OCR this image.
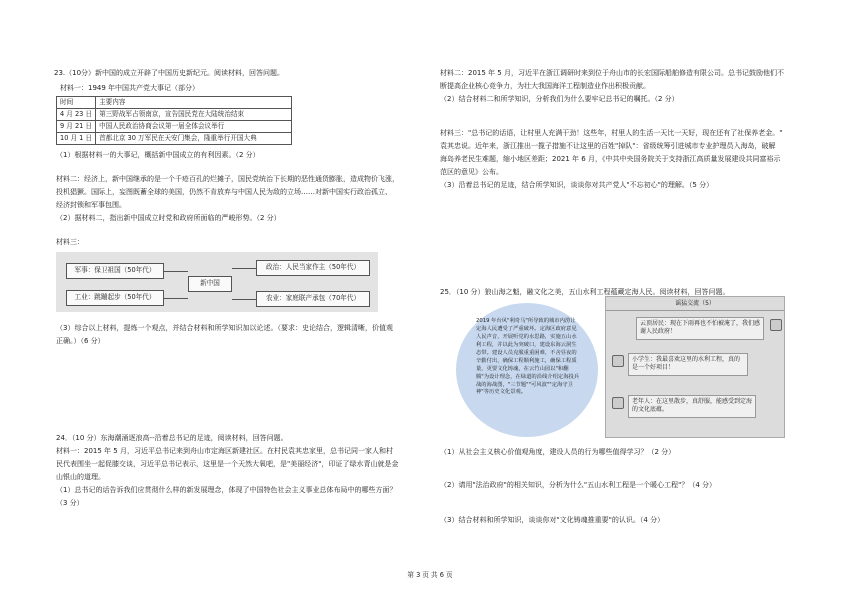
23.（10分）新中国的成立开辟了中国历史新纪元。阅读材料，回答问题。
材料一：1949 年中国共产党大事记（部分）
时间	主要内容
4 月 23 日	第三野战军占领南京，宣告国民党在大陆统治结束
9 月 21 日	中国人民政治协商会议第一届全体会议举行
10 月 1 日	首都北京 30 万军民在天安门集会，隆重举行开国大典
（1）根据材料一的大事记，概括新中国成立的有利因素。（2 分）
材料二：经济上，新中国继承的是一个千疮百孔的烂摊子，国民党统治下长期的恶性通货膨胀，造成物价飞涨，
投机猖獗。国际上，妄图既蓄全球的美国，仍然不肯放弃与中国人民为敌的立场……对新中国实行政治孤立、
经济封锁和军事包围。
（2）据材料二，指出新中国成立时党和政府所面临的严峻形势。（2 分）
材料三：
军事：保卫祖国（50年代）
工业：跳蹦起步（50年代）
新中国
政治：人民当家作主（50年代）
农业：家庭联产承包（70年代）
（3）综合以上材料，提炼一个观点，并结合材料和所学知识加以论述。（要求：史论结合，逻辑清晰，价值观
正确。）（6 分）
24．（10 分）东海潮涌逐浪高--沿着总书记的足迹，阅读材料，回答问题。
材料一：2015 年 5 月，习近平总书记来到舟山市定海区新建社区。在村民袁其忠家里，总书记同一家人和村
民代表围坐一起促膝交谈，习近平总书记表示，这里是一个天然大氧吧，是"美丽经济"，印证了绿水青山就是金
山银山的道理。
（1）总书记的话告诉我们应贯彻什么样的新发展理念，体现了中国特色社会主义事业总体布局中的哪些方面？
（3 分）
材料二：2015 年 5 月，习近平在浙江调研时来到位于舟山市的长宏国际船舶修造有限公司。总书记鼓励他们不
断提高企业核心竞争力，为壮大我国海洋工程制造业作出积极贡献。
（2）结合材料二和所学知识，分析我们为什么要牢记总书记的嘱托。（2 分）
材料三："总书记的话语，让村里人充满干劲！这些年，村里人的生活一天比一天好，现在还有了社保养老金。"
袁其忠说。近年来，浙江推出一揽子措施不让这里的百姓"掉队"：省级统筹引进城市专业护理员入海岛，破解
海岛养老民生难题，缩小地区差距；2021 年 6 月，《中共中央国务院关于支持浙江高质量发展建设共同富裕示
范区的意见》公布。
（3）沿着总书记的足迹，结合所学知识，谈谈你对共产党人"不忘初心"的理解。（5 分）
25．（10 分）狼山海之魁，融文化之美，五山水利工程蕴藏定海人民。阅读材料，回答问题。
2019 年台风"利奇马"所导致的城市内涝让定海人民遭受了严重破坏。定海区政府意见人民声音，开展听党的水思路，实施五山水利工程，并以此为突破口，建设东海云洞生态带。建设人员克服重重困难，不舍昼夜的辛勤付出，确保工程顺利施工，确保工程质量，更要文化铸魂，在云竹山园以"和翻腾"为设计理念，在绿道的沿线介绍定海投兵战的海战图，"三节题""可风波""定海守卫神"等历史文化景观。
谣猛交流（5）
云顶居民：现在下雨再也不怕被淹了，我们感谢人民政府！
小学生：我最喜欢这里的水利工程，真的是一个好项目！
老年人：在这里散步，真舒服，能感受到定海的文化底蕴。
（1）从社会主义核心价值观角度，建设人员的行为哪些值得学习？（2 分）
（2）请用"法治政府"的相关知识，分析为什么"五山水利工程是一个暖心工程"？（4 分）
（3）结合材料和所学知识，谈谈你对"文化铸魂推重要"的认识。（4 分）
第 3 页 共 6 页
